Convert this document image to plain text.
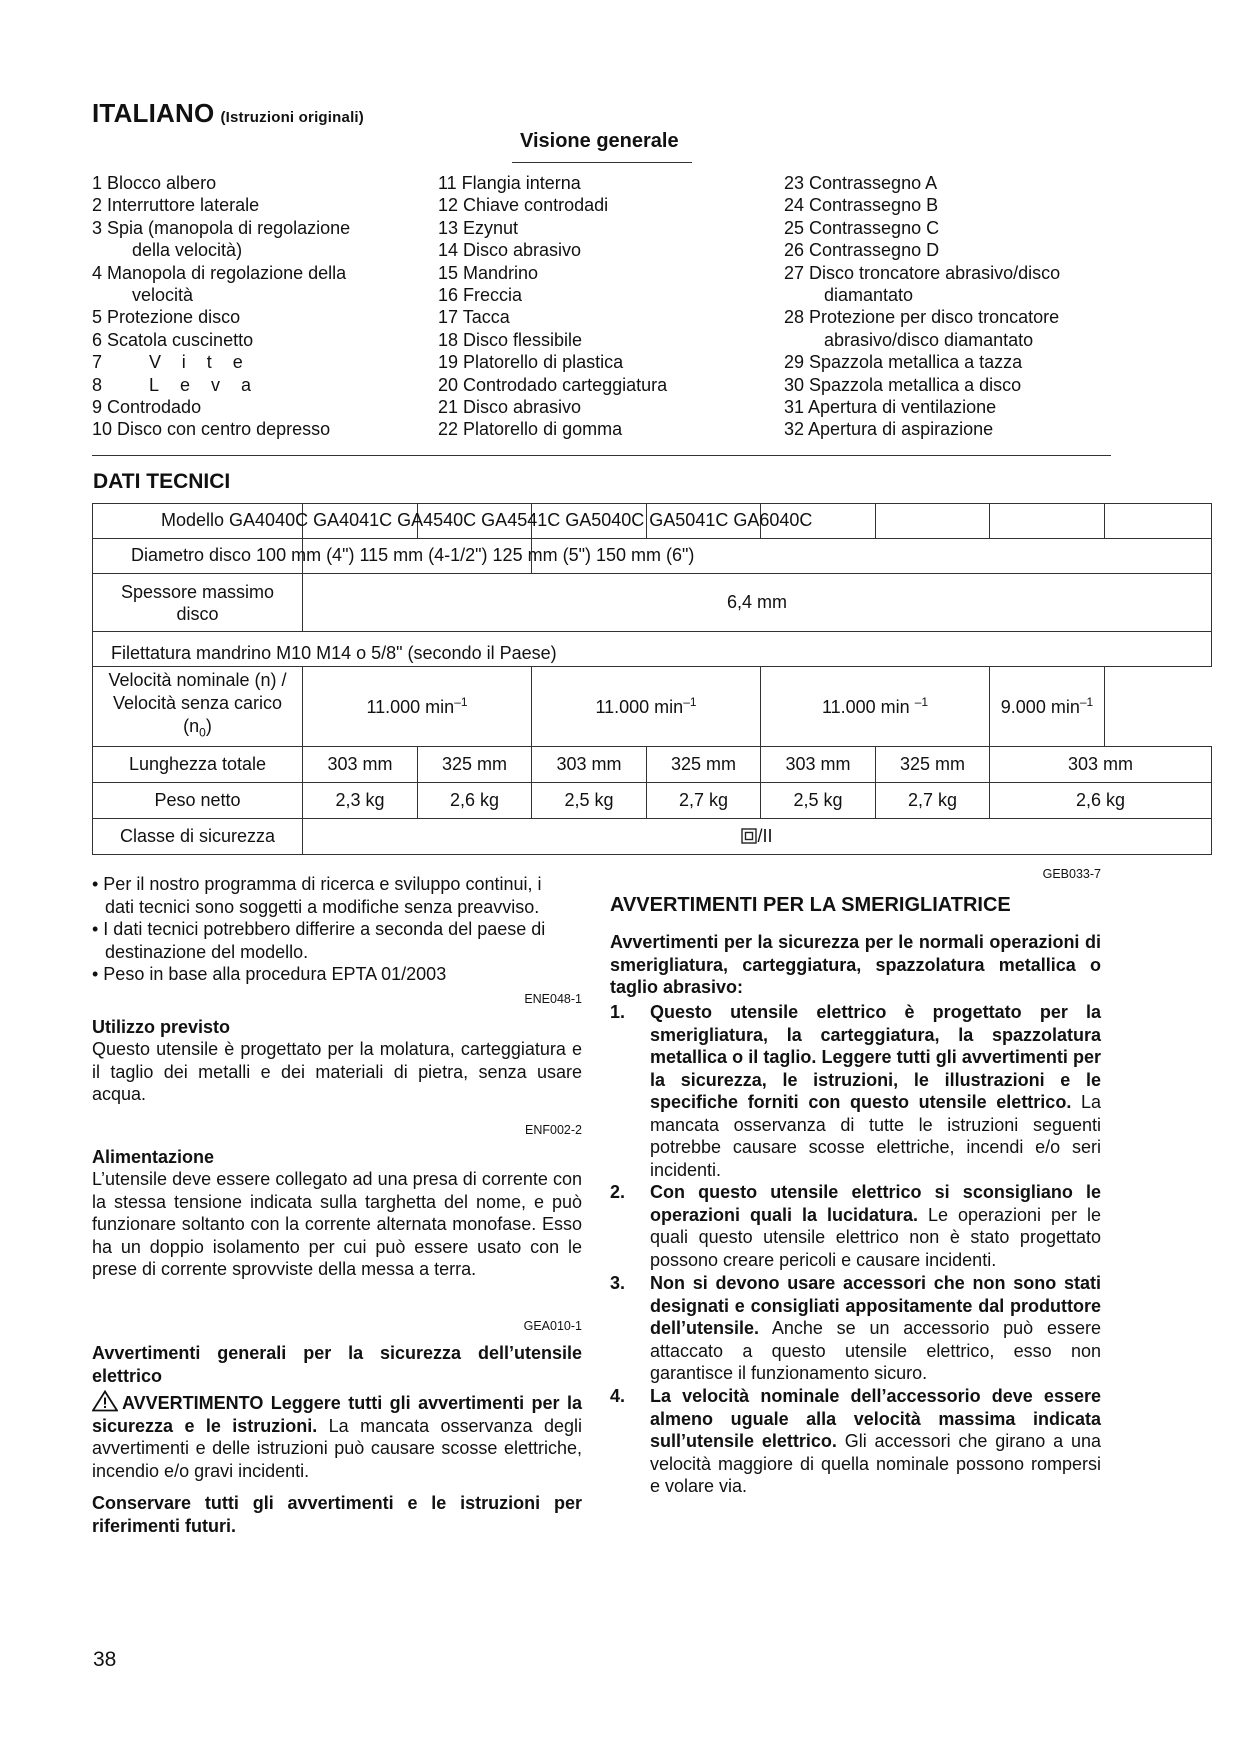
ITALIANO (Istruzioni originali)
Visione generale
1 Blocco albero
2 Interruttore laterale
3 Spia (manopola di regolazione
della velocità)
4 Manopola di regolazione della
velocità
5 Protezione disco
6 Scatola cuscinetto
7 Vite
8 Leva
9 Controdado
10 Disco con centro depresso
11 Flangia interna
12 Chiave controdadi
13 Ezynut
14 Disco abrasivo
15 Mandrino
16 Freccia
17 Tacca
18 Disco flessibile
19 Platorello di plastica
20 Controdado carteggiatura
21 Disco abrasivo
22 Platorello di gomma
23 Contrassegno A
24 Contrassegno B
25 Contrassegno C
26 Contrassegno D
27 Disco troncatore abrasivo/disco
diamantato
28 Protezione per disco troncatore
abrasivo/disco diamantato
29 Spazzola metallica a tazza
30 Spazzola metallica a disco
31 Apertura di ventilazione
32 Apertura di aspirazione
DATI TECNICI

Spessore massimo
disco	6,4 mm							

Velocità nominale (n) /
Velocità senza carico
$(n_0)$	11.000 $\min^{-1}$		11.000 $\min^{-1}$		11.000 min $^{-1}$		9.000 $\min^{-1}$
Lunghezza totale	303 mm	325 mm	303 mm	325 mm	303 mm	325 mm	303 mm	
Peso netto	2,3 kg	2,6 kg	2,5 kg	2,7 kg	2,5 kg	2,7 kg	2,6 kg	
Classe di sicurezza	/II							
Modello GA4040C GA4041C GA4540C GA4541C GA5040C GA5041C GA6040C
Diametro disco 100 mm (4") 115 mm (4-1/2") 125 mm (5") 150 mm (6")
Filettatura mandrino M10 M14 o 5/8" (secondo il Paese)
• Per il nostro programma di ricerca e sviluppo continui, i
dati tecnici sono soggetti a modifiche senza preavviso.
• I dati tecnici potrebbero differire a seconda del paese di
destinazione del modello.
• Peso in base alla procedura EPTA 01/2003
ENE048-1
Utilizzo previsto
Questo utensile è progettato per la molatura, carteggiatura e il taglio dei metalli e dei materiali di pietra, senza usare acqua.
ENF002-2
Alimentazione
L’utensile deve essere collegato ad una presa di corrente con la stessa tensione indicata sulla targhetta del nome, e può funzionare soltanto con la corrente alternata monofase. Esso ha un doppio isolamento per cui può essere usato con le prese di corrente sprovviste della messa a terra.
GEA010-1
Avvertimenti generali per la sicurezza dell’utensile elettrico
AVVERTIMENTO Leggere tutti gli avvertimenti per la sicurezza e le istruzioni. La mancata osservanza degli avvertimenti e delle istruzioni può causare scosse elettriche, incendio e/o gravi incidenti.
Conservare tutti gli avvertimenti e le istruzioni per riferimenti futuri.
GEB033-7
AVVERTIMENTI PER LA SMERIGLIATRICE
Avvertimenti per la sicurezza per le normali operazioni di smerigliatura, carteggiatura, spazzolatura metallica o taglio abrasivo:
1.	Questo utensile elettrico è progettato per la smerigliatura, la carteggiatura, la spazzolatura metallica o il taglio. Leggere tutti gli avvertimenti per la sicurezza, le istruzioni, le illustrazioni e le specifiche forniti con questo utensile elettrico. La mancata osservanza di tutte le istruzioni seguenti potrebbe causare scosse elettriche, incendi e/o seri incidenti.
2.	Con questo utensile elettrico si sconsigliano le operazioni quali la lucidatura. Le operazioni per le quali questo utensile elettrico non è stato progettato possono creare pericoli e causare incidenti.
3.	Non si devono usare accessori che non sono stati designati e consigliati appositamente dal produttore dell’utensile. Anche se un accessorio può essere attaccato a questo utensile elettrico, esso non garantisce il funzionamento sicuro.
4.	La velocità nominale dell’accessorio deve essere almeno uguale alla velocità massima indicata sull’utensile elettrico. Gli accessori che girano a una velocità maggiore di quella nominale possono rompersi e volare via.
38
